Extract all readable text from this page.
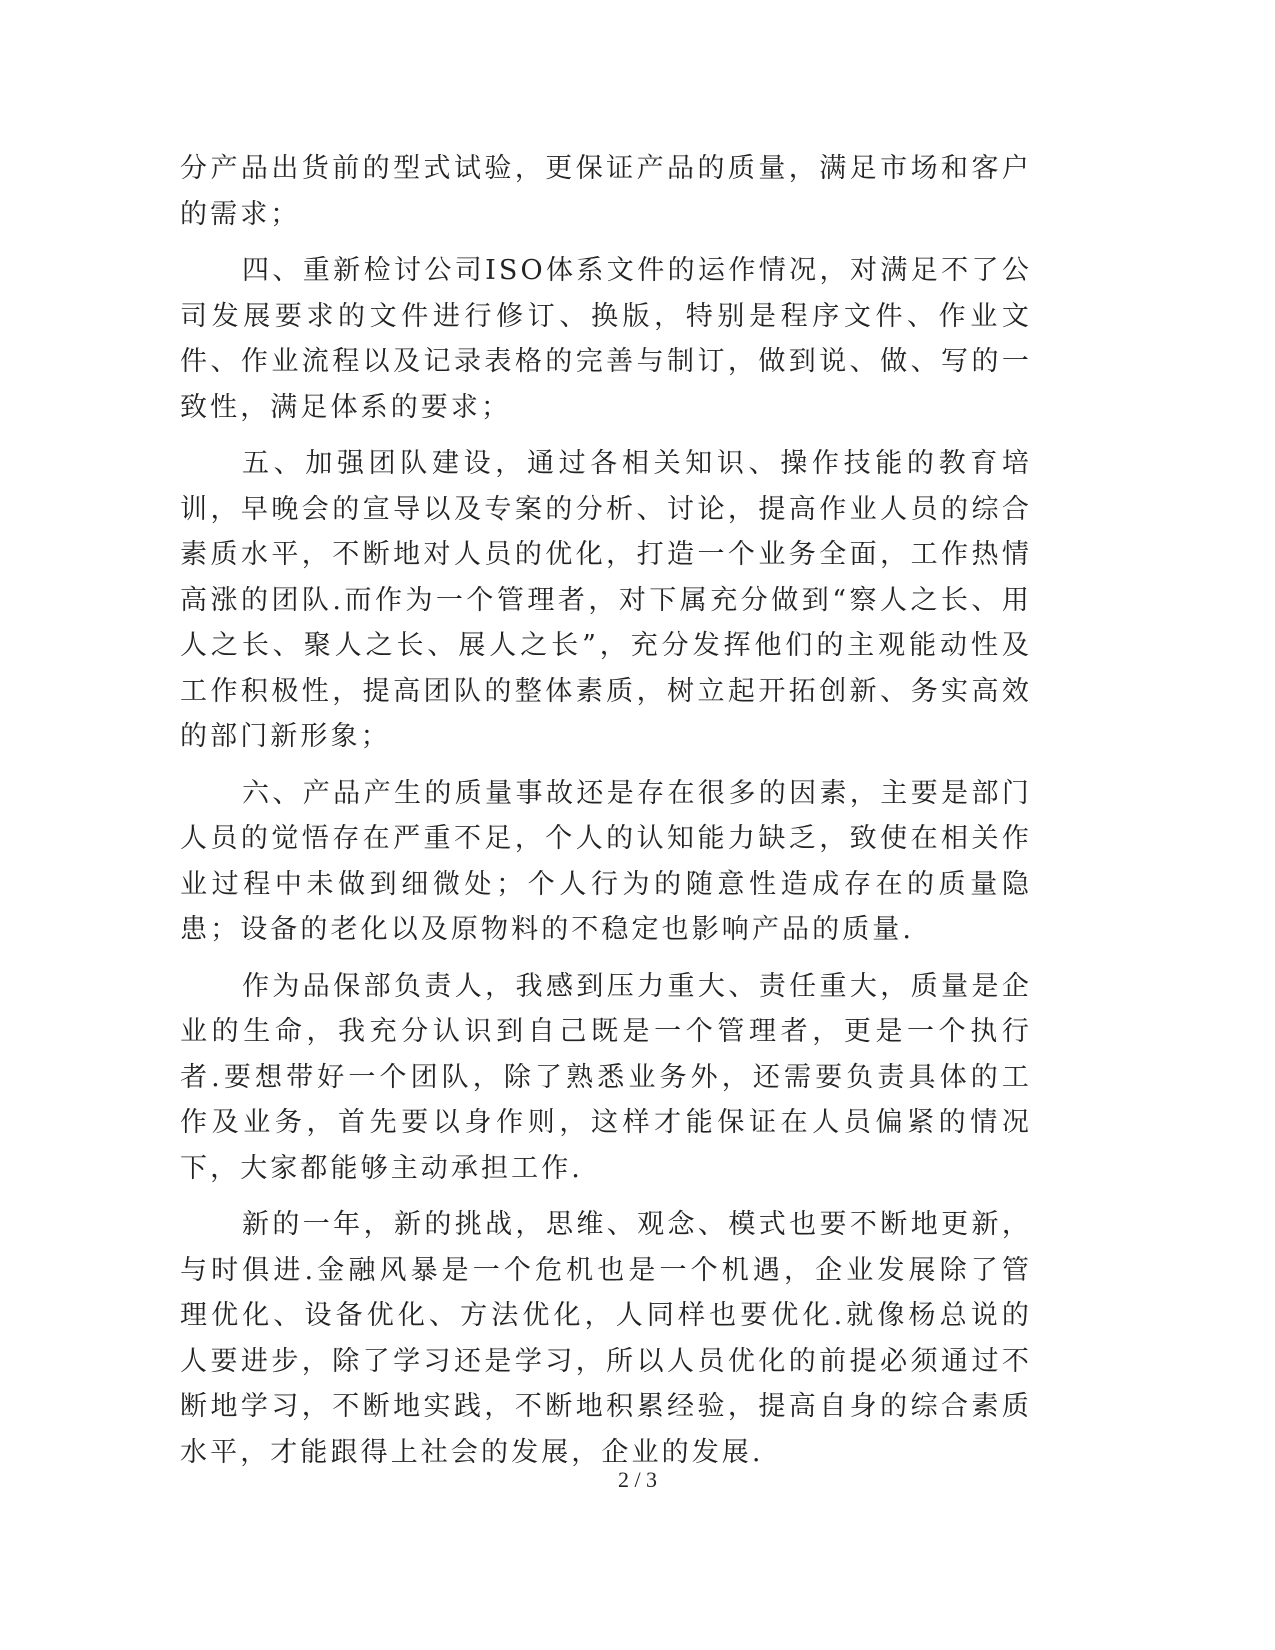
分产品出货前的型式试验，更保证产品的质量，满足市场和客户的需求；

四、重新检讨公司ISO体系文件的运作情况，对满足不了公司发展要求的文件进行修订、换版，特别是程序文件、作业文件、作业流程以及记录表格的完善与制订，做到说、做、写的一致性，满足体系的要求；

五、加强团队建设，通过各相关知识、操作技能的教育培训，早晚会的宣导以及专案的分析、讨论，提高作业人员的综合素质水平，不断地对人员的优化，打造一个业务全面，工作热情高涨的团队.而作为一个管理者，对下属充分做到“察人之长、用人之长、聚人之长、展人之长”，充分发挥他们的主观能动性及工作积极性，提高团队的整体素质，树立起开拓创新、务实高效的部门新形象；

六、产品产生的质量事故还是存在很多的因素，主要是部门人员的觉悟存在严重不足，个人的认知能力缺乏，致使在相关作业过程中未做到细微处；个人行为的随意性造成存在的质量隐患；设备的老化以及原物料的不稳定也影响产品的质量.

作为品保部负责人，我感到压力重大、责任重大，质量是企业的生命，我充分认识到自己既是一个管理者，更是一个执行者.要想带好一个团队，除了熟悉业务外，还需要负责具体的工作及业务，首先要以身作则，这样才能保证在人员偏紧的情况下，大家都能够主动承担工作.

新的一年，新的挑战，思维、观念、模式也要不断地更新，与时俱进.金融风暴是一个危机也是一个机遇，企业发展除了管理优化、设备优化、方法优化，人同样也要优化.就像杨总说的人要进步，除了学习还是学习，所以人员优化的前提必须通过不断地学习，不断地实践，不断地积累经验，提高自身的综合素质水平，才能跟得上社会的发展，企业的发展.

2 / 3
